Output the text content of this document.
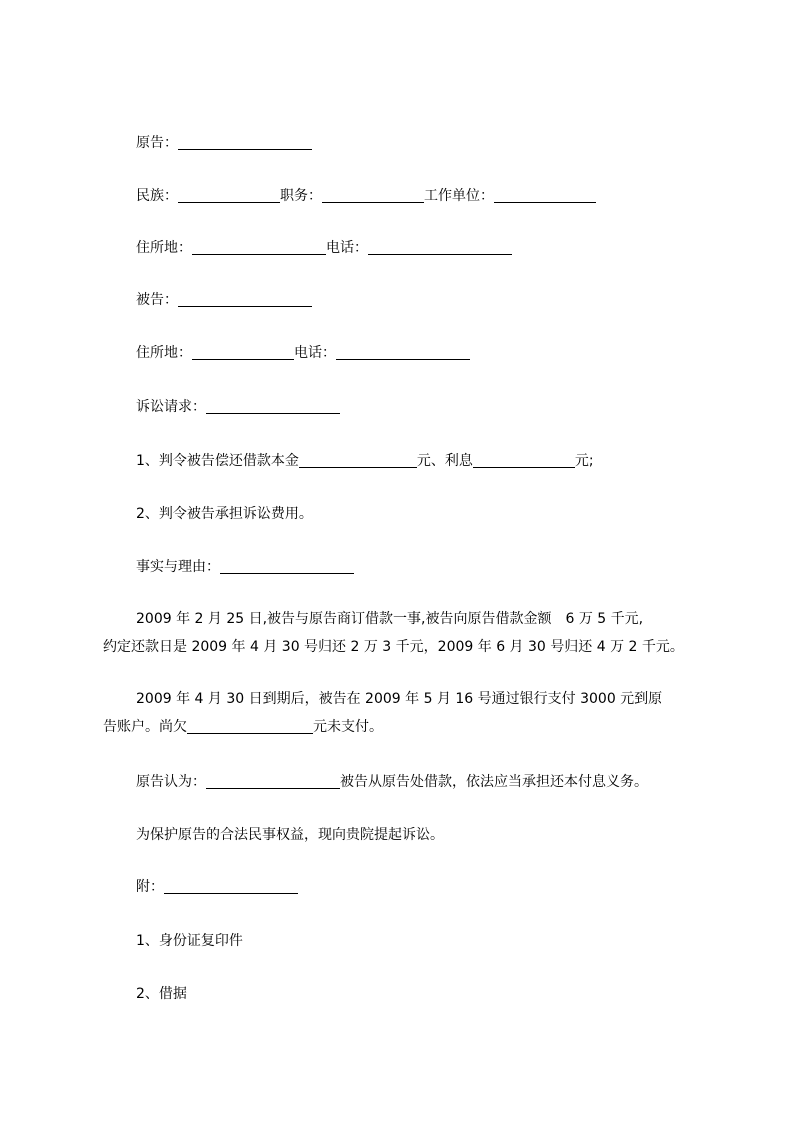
原告：
民族：	职务：	工作单位：
住所地：	电话：
被告：
住所地：	电话：
诉讼请求：
1、判令被告偿还借款本金	元、利息	元;
2、判令被告承担诉讼费用。
事实与理由：
2009 年 2 月 25 日,被告与原告商订借款一事,被告向原告借款金额　6 万 5 千元,
约定还款日是 2009 年 4 月 30 号归还 2 万 3 千元，2009 年 6 月 30 号归还 4 万 2 千元。
2009 年 4 月 30 日到期后，被告在 2009 年 5 月 16 号通过银行支付 3000 元到原
告账户。尚欠	元未支付。
原告认为：	被告从原告处借款，依法应当承担还本付息义务。
为保护原告的合法民事权益，现向贵院提起诉讼。
附：
1、身份证复印件
2、借据
